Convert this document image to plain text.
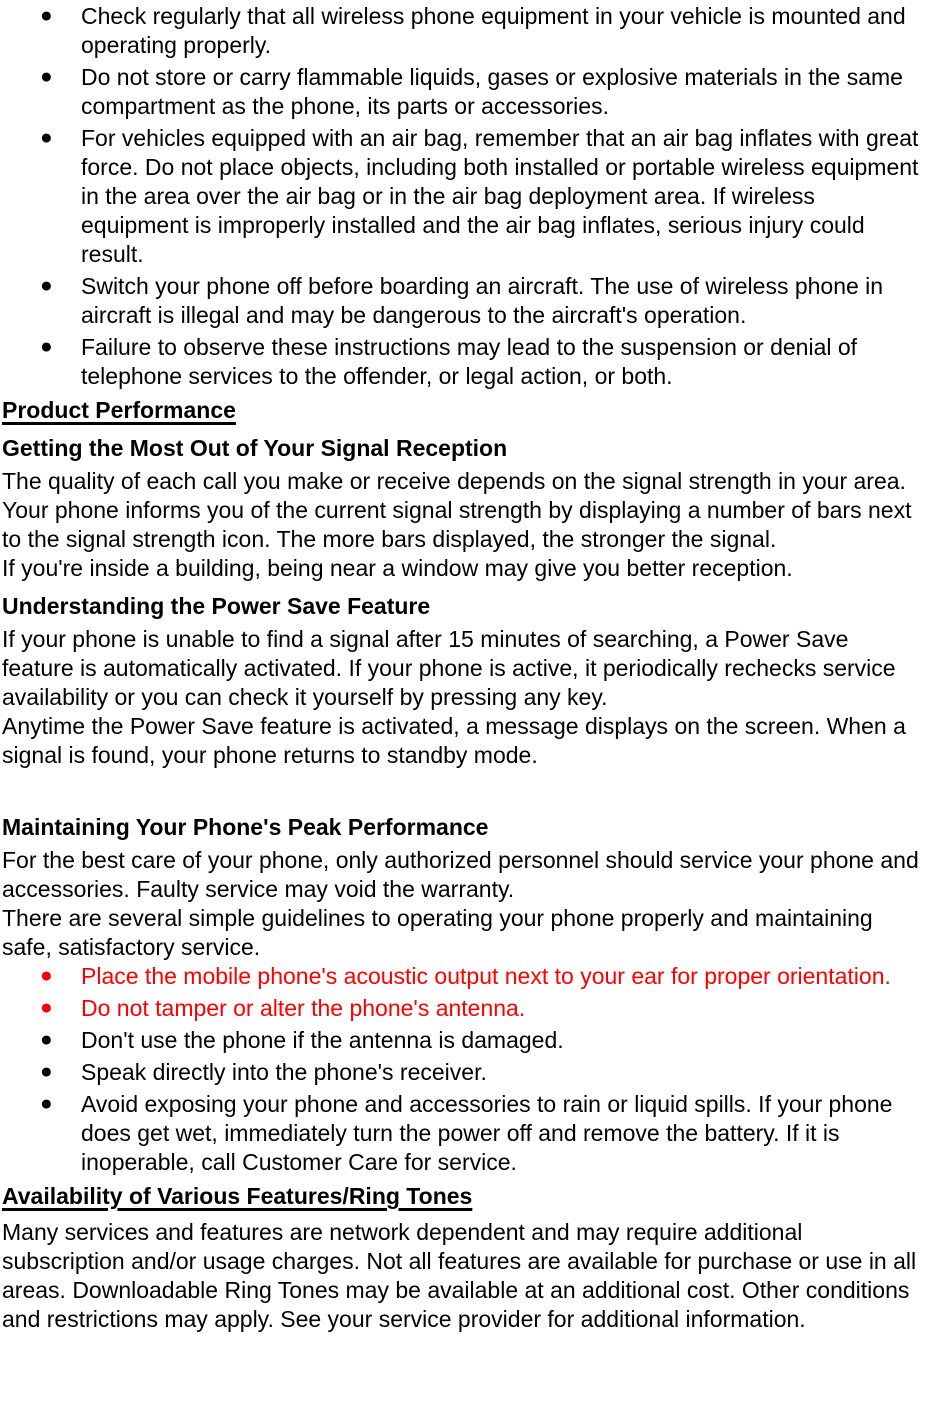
● Check regularly that all wireless phone equipment in your vehicle is mounted and operating properly.
● Do not store or carry flammable liquids, gases or explosive materials in the same compartment as the phone, its parts or accessories.
● For vehicles equipped with an air bag, remember that an air bag inflates with great force. Do not place objects, including both installed or portable wireless equipment in the area over the air bag or in the air bag deployment area. If wireless equipment is improperly installed and the air bag inflates, serious injury could result.
● Switch your phone off before boarding an aircraft. The use of wireless phone in aircraft is illegal and may be dangerous to the aircraft's operation.
● Failure to observe these instructions may lead to the suspension or denial of telephone services to the offender, or legal action, or both.
Product Performance
Getting the Most Out of Your Signal Reception

The quality of each call you make or receive depends on the signal strength in your area. Your phone informs you of the current signal strength by displaying a number of bars next to the signal strength icon. The more bars displayed, the stronger the signal.

If you're inside a building, being near a window may give you better reception.

Understanding the Power Save Feature

If your phone is unable to find a signal after 15 minutes of searching, a Power Save feature is automatically activated. If your phone is active, it periodically rechecks service availability or you can check it yourself by pressing any key.

Anytime the Power Save feature is activated, a message displays on the screen. When a signal is found, your phone returns to standby mode.

Maintaining Your Phone's Peak Performance

For the best care of your phone, only authorized personnel should service your phone and accessories. Faulty service may void the warranty.

There are several simple guidelines to operating your phone properly and maintaining safe, satisfactory service.

● Place the mobile phone's acoustic output next to your ear for proper orientation.
● Do not tamper or alter the phone's antenna.
● Don't use the phone if the antenna is damaged.
● Speak directly into the phone's receiver.
● Avoid exposing your phone and accessories to rain or liquid spills. If your phone does get wet, immediately turn the power off and remove the battery. If it is inoperable, call Customer Care for service.
Availability of Various Features/Ring Tones

Many services and features are network dependent and may require additional subscription and/or usage charges. Not all features are available for purchase or use in all areas. Downloadable Ring Tones may be available at an additional cost. Other conditions and restrictions may apply. See your service provider for additional information.
